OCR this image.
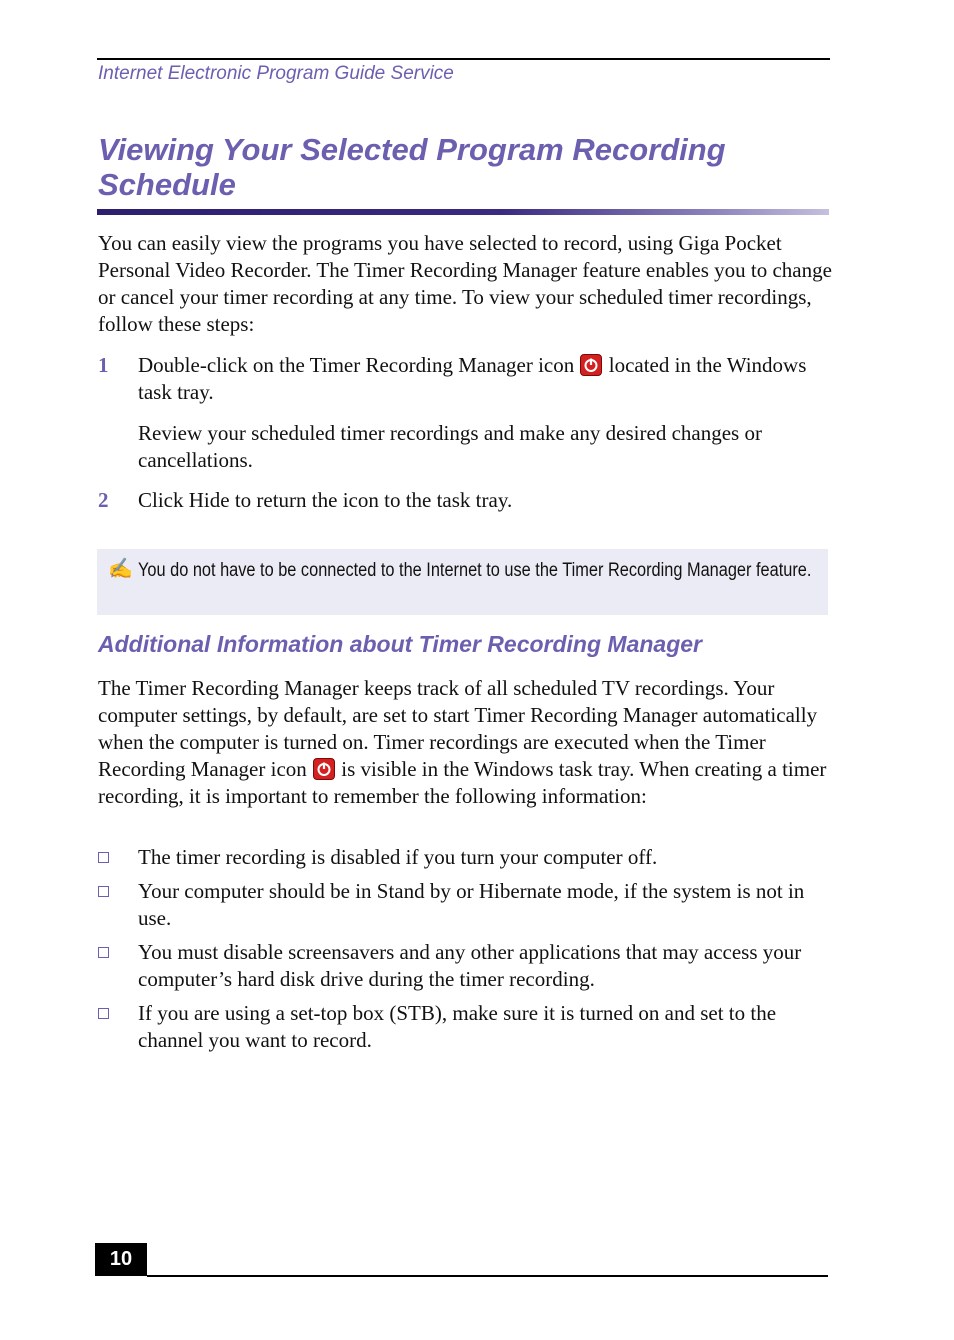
Internet Electronic Program Guide Service
Viewing Your Selected Program Recording Schedule

You can easily view the programs you have selected to record, using Giga Pocket Personal Video Recorder. The Timer Recording Manager feature enables you to change or cancel your timer recording at any time. To view your scheduled timer recordings, follow these steps:

1 Double-click on the Timer Recording Manager icon located in the Windows task tray.

Review your scheduled timer recordings and make any desired changes or cancellations.

2 Click Hide to return the icon to the task tray.

✍ You do not have to be connected to the Internet to use the Timer Recording Manager feature.

Additional Information about Timer Recording Manager

The Timer Recording Manager keeps track of all scheduled TV recordings. Your computer settings, by default, are set to start Timer Recording Manager automatically when the computer is turned on. Timer recordings are executed when the Timer Recording Manager icon is visible in the Windows task tray. When creating a timer recording, it is important to remember the following information:

The timer recording is disabled if you turn your computer off.

Your computer should be in Stand by or Hibernate mode, if the system is not in use.

You must disable screensavers and any other applications that may access your computer’s hard disk drive during the timer recording.

If you are using a set-top box (STB), make sure it is turned on and set to the channel you want to record.

10
